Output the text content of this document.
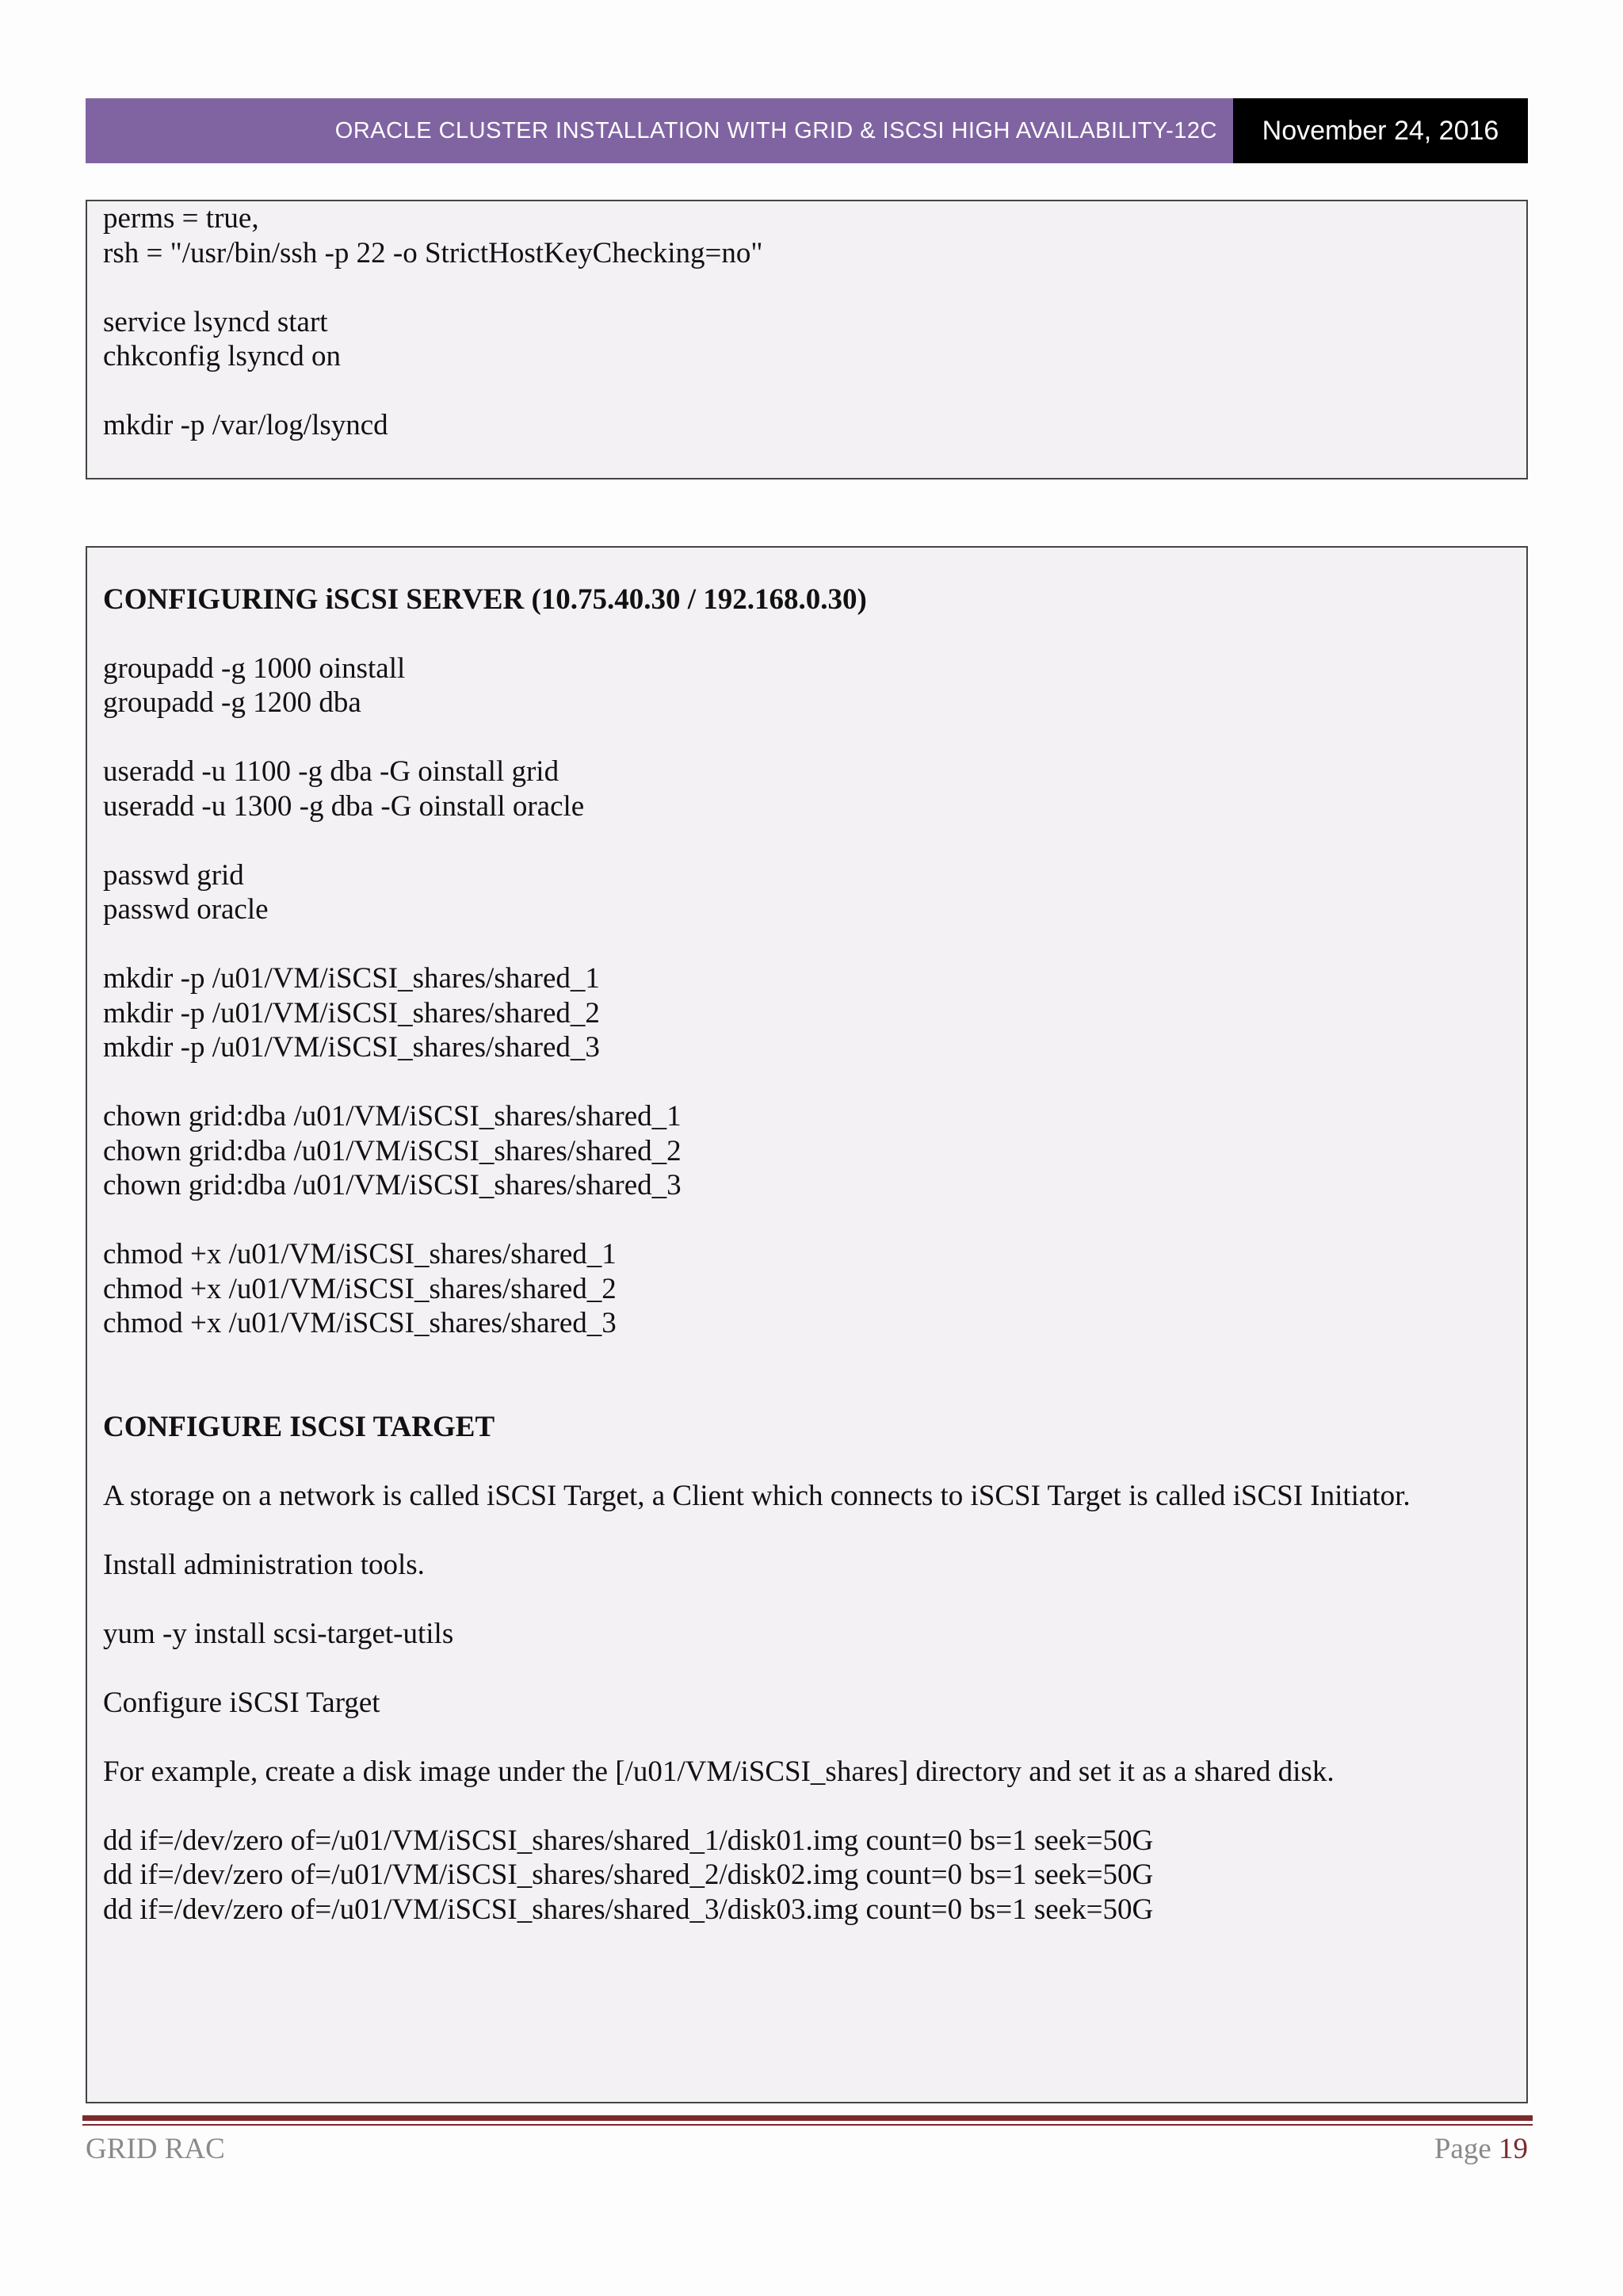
ORACLE CLUSTER INSTALLATION WITH GRID & ISCSI HIGH AVAILABILITY-12C	November 24, 2016
perms = true,
rsh = "/usr/bin/ssh -p 22 -o StrictHostKeyChecking=no"
service lsyncd start
chkconfig lsyncd on
mkdir -p /var/log/lsyncd
CONFIGURING iSCSI SERVER (10.75.40.30 / 192.168.0.30)
groupadd -g 1000 oinstall
groupadd -g 1200 dba
useradd -u 1100 -g dba -G oinstall grid
useradd -u 1300 -g dba -G oinstall oracle
passwd grid
passwd oracle
mkdir -p /u01/VM/iSCSI_shares/shared_1
mkdir -p /u01/VM/iSCSI_shares/shared_2
mkdir -p /u01/VM/iSCSI_shares/shared_3
chown grid:dba /u01/VM/iSCSI_shares/shared_1
chown grid:dba /u01/VM/iSCSI_shares/shared_2
chown grid:dba /u01/VM/iSCSI_shares/shared_3
chmod +x /u01/VM/iSCSI_shares/shared_1
chmod +x /u01/VM/iSCSI_shares/shared_2
chmod +x /u01/VM/iSCSI_shares/shared_3
CONFIGURE ISCSI TARGET
A storage on a network is called iSCSI Target, a Client which connects to iSCSI Target is called iSCSI Initiator.
Install administration tools.
yum -y install scsi-target-utils
Configure iSCSI Target
For example, create a disk image under the [/u01/VM/iSCSI_shares] directory and set it as a shared disk.
dd if=/dev/zero of=/u01/VM/iSCSI_shares/shared_1/disk01.img count=0 bs=1 seek=50G
dd if=/dev/zero of=/u01/VM/iSCSI_shares/shared_2/disk02.img count=0 bs=1 seek=50G
dd if=/dev/zero of=/u01/VM/iSCSI_shares/shared_3/disk03.img count=0 bs=1 seek=50G
GRID RAC	Page 19
